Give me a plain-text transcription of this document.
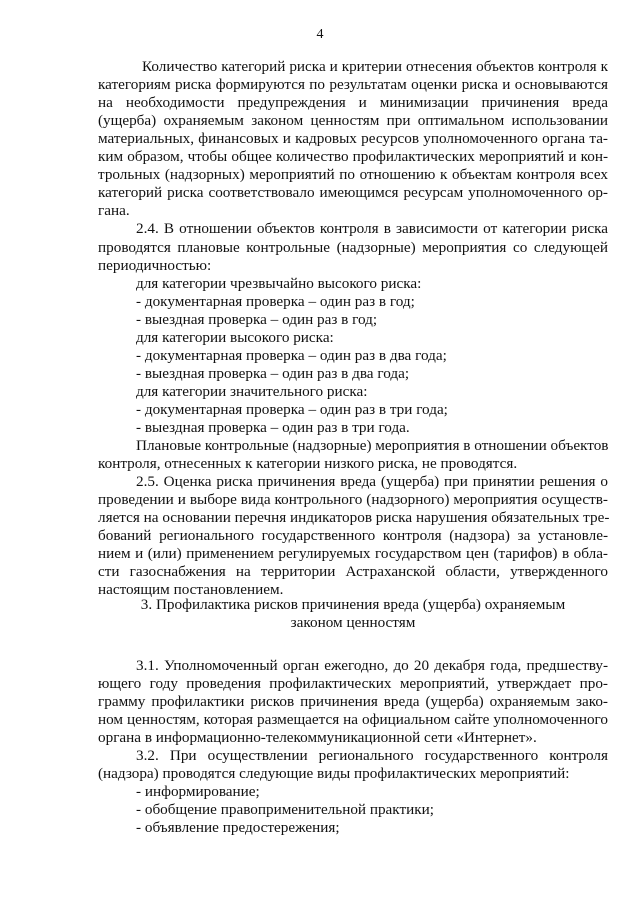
4
Количество категорий риска и критерии отнесения объектов контроля к
категориям риска формируются по результатам оценки риска и основываются
на необходимости предупреждения и минимизации причинения вреда
(ущерба) охраняемым законом ценностям при оптимальном использовании
материальных, финансовых и кадровых ресурсов уполномоченного органа та-
ким образом, чтобы общее количество профилактических мероприятий и кон-
трольных (надзорных) мероприятий по отношению к объектам контроля всех
категорий риска соответствовало имеющимся ресурсам уполномоченного ор-
гана.
2.4. В отношении объектов контроля в зависимости от категории риска
проводятся плановые контрольные (надзорные) мероприятия со следующей
периодичностью:
для категории чрезвычайно высокого риска:
- документарная проверка – один раз в год;
- выездная проверка – один раз в год;
для категории высокого риска:
- документарная проверка – один раз в два года;
- выездная проверка – один раз в два года;
для категории значительного риска:
- документарная проверка – один раз в три года;
- выездная проверка – один раз в три года.
Плановые контрольные (надзорные) мероприятия в отношении объектов
контроля, отнесенных к категории низкого риска, не проводятся.
2.5. Оценка риска причинения вреда (ущерба) при принятии решения о
проведении и выборе вида контрольного (надзорного) мероприятия осуществ-
ляется на основании перечня индикаторов риска нарушения обязательных тре-
бований регионального государственного контроля (надзора) за установле-
нием и (или) применением регулируемых государством цен (тарифов) в обла-
сти газоснабжения на территории Астраханской области, утвержденного
настоящим постановлением.
3. Профилактика рисков причинения вреда (ущерба) охраняемым
законом ценностям
3.1. Уполномоченный орган ежегодно, до 20 декабря года, предшеству-
ющего году проведения профилактических мероприятий, утверждает про-
грамму профилактики рисков причинения вреда (ущерба) охраняемым зако-
ном ценностям, которая размещается на официальном сайте уполномоченного
органа в информационно-телекоммуникационной сети «Интернет».
3.2. При осуществлении регионального государственного контроля
(надзора) проводятся следующие виды профилактических мероприятий:
- информирование;
- обобщение правоприменительной практики;
- объявление предостережения;
